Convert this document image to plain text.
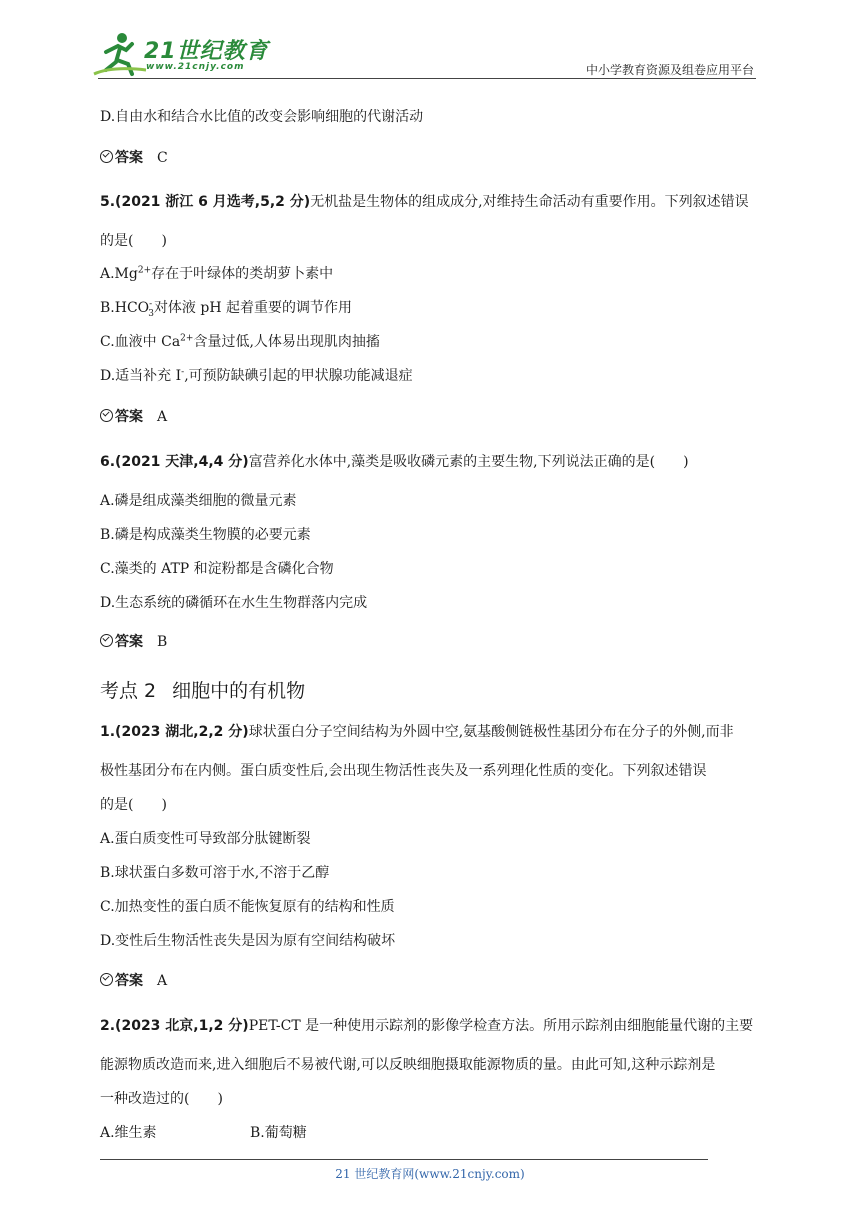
21世纪教育
www.21cnjy.com	中小学教育资源及组卷应用平台
D.自由水和结合水比值的改变会影响细胞的代谢活动
答案 C
5.(2021 浙江 6 月选考,5,2 分)无机盐是生物体的组成成分,对维持生命活动有重要作用。下列叙述错误
的是(　　)
$A.Mg^{2+}$存在于叶绿体的类胡萝卜素中
$B.HCO^-_3$对体液 pH 起着重要的调节作用
C.血液中 $Ca^{2+}$含量过低,人体易出现肌肉抽搐
D.适当补充 I-,可预防缺碘引起的甲状腺功能减退症
答案 A
6.(2021 天津,4,4 分)富营养化水体中,藻类是吸收磷元素的主要生物,下列说法正确的是(　　)
A.磷是组成藻类细胞的微量元素
B.磷是构成藻类生物膜的必要元素
C.藻类的 ATP 和淀粉都是含磷化合物
D.生态系统的磷循环在水生生物群落内完成
答案 B
考点 2 细胞中的有机物
1.(2023 湖北,2,2 分)球状蛋白分子空间结构为外圆中空,氨基酸侧链极性基团分布在分子的外侧,而非
极性基团分布在内侧。蛋白质变性后,会出现生物活性丧失及一系列理化性质的变化。下列叙述错误
的是(　　)
A.蛋白质变性可导致部分肽键断裂
B.球状蛋白多数可溶于水,不溶于乙醇
C.加热变性的蛋白质不能恢复原有的结构和性质
D.变性后生物活性丧失是因为原有空间结构破坏
答案 A
2.(2023 北京,1,2 分)PET-CT 是一种使用示踪剂的影像学检查方法。所用示踪剂由细胞能量代谢的主要
能源物质改造而来,进入细胞后不易被代谢,可以反映细胞摄取能源物质的量。由此可知,这种示踪剂是
一种改造过的(　　)
A.维生素	B.葡萄糖
21 世纪教育网(www.21cnjy.com)
